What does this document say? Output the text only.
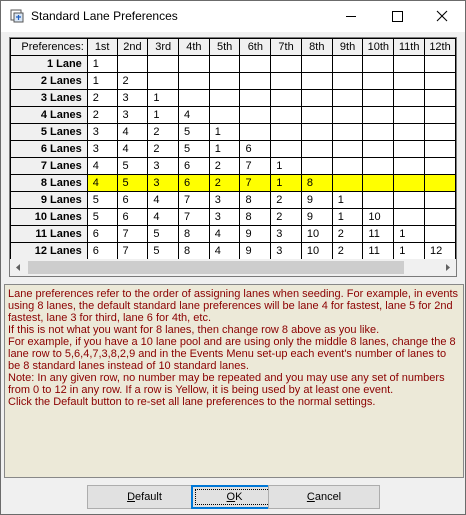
Standard Lane Preferences
Preferences:	1st	2nd	3rd	4th	5th	6th	7th	8th	9th	10th	11th	12th
1 Lane	1											
2 Lanes	1	2										
3 Lanes	2	3	1									
4 Lanes	2	3	1	4								
5 Lanes	3	4	2	5	1							
6 Lanes	3	4	2	5	1	6						
7 Lanes	4	5	3	6	2	7	1					
8 Lanes	4	5	3	6	2	7	1	8				
9 Lanes	5	6	4	7	3	8	2	9	1			
10 Lanes	5	6	4	7	3	8	2	9	1	10		
11 Lanes	6	7	5	8	4	9	3	10	2	11	1	
12 Lanes	6	7	5	8	4	9	3	10	2	11	1	12

Lane preferences refer to the order of assigning lanes when seeding. For example, in events using 8 lanes, the default standard lane preferences will be lane 4 for fastest, lane 5 for 2nd fastest, lane 3 for third, lane 6 for 4th, etc.

If this is not what you want for 8 lanes, then change row 8 above as you like.

For example, if you have a 10 lane pool and are using only the middle 8 lanes, change the 8 lane row to 5,6,4,7,3,8,2,9 and in the Events Menu set-up each event's number of lanes to be 8 standard lanes instead of 10 standard lanes.

Note: In any given row, no number may be repeated and you may use any set of numbers from 0 to 12 in any row. If a row is Yellow, it is being used by at least one event.

Click the Default button to re-set all lane preferences to the normal settings.

Default	OK	Cancel
